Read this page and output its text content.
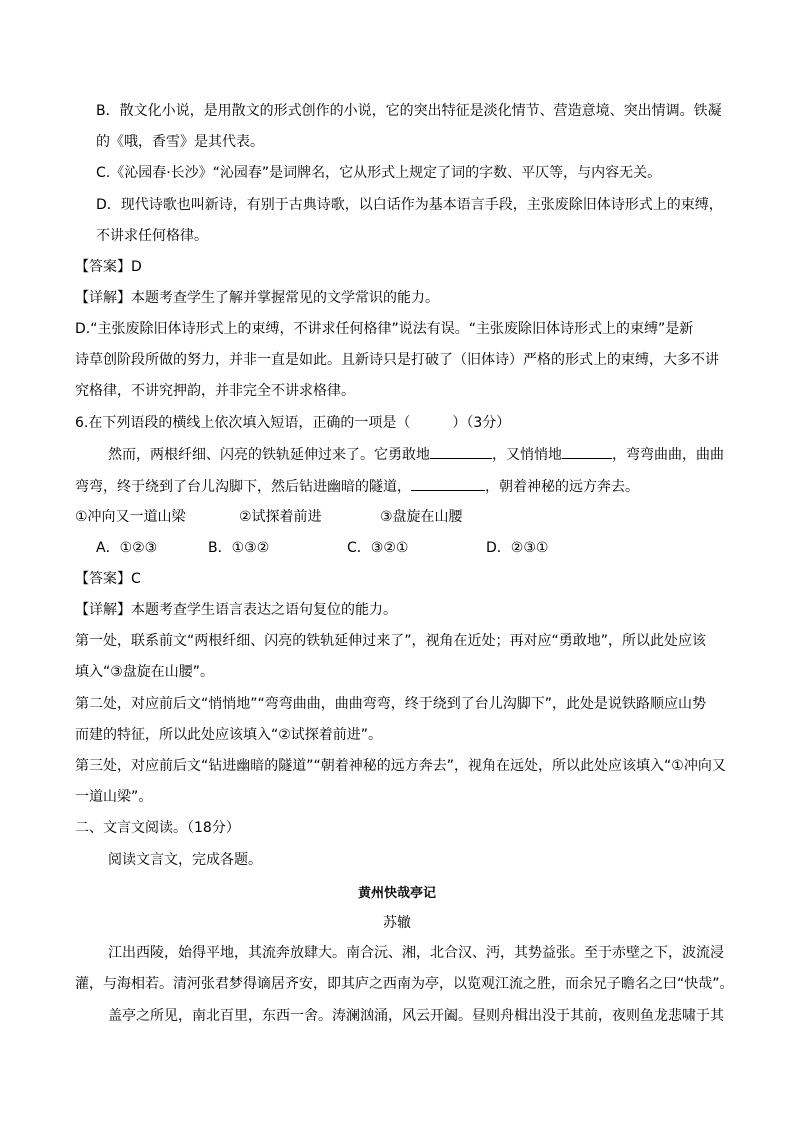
B．散文化小说，是用散文的形式创作的小说，它的突出特征是淡化情节、营造意境、突出情调。铁凝
的《哦，香雪》是其代表。
C.《沁园春·长沙》“沁园春”是词牌名，它从形式上规定了词的字数、平仄等，与内容无关。
D．现代诗歌也叫新诗，有别于古典诗歌，以白话作为基本语言手段，主张废除旧体诗形式上的束缚，
不讲求任何格律。
【答案】D
【详解】本题考查学生了解并掌握常见的文学常识的能力。
D.“主张废除旧体诗形式上的束缚，不讲求任何格律”说法有误。“主张废除旧体诗形式上的束缚”是新
诗草创阶段所做的努力，并非一直是如此。且新诗只是打破了（旧体诗）严格的形式上的束缚，大多不讲
究格律，不讲究押韵，并非完全不讲求格律。
6.在下列语段的横线上依次填入短语，正确的一项是（　　　）（3分）
然而，两根纤细、闪亮的铁轨延伸过来了。它勇敢地	，又悄悄地	，弯弯曲曲，曲曲
弯弯，终于绕到了台儿沟脚下，然后钻进幽暗的隧道，	，朝着神秘的远方奔去。
①冲向又一道山梁	②试探着前进	③盘旋在山腰
A．①②③	B．①③②	C．③②①	D．②③①
【答案】C
【详解】本题考查学生语言表达之语句复位的能力。
第一处，联系前文“两根纤细、闪亮的铁轨延伸过来了”，视角在近处；再对应“勇敢地”，所以此处应该
填入“③盘旋在山腰”。
第二处，对应前后文“悄悄地”“弯弯曲曲，曲曲弯弯，终于绕到了台儿沟脚下”，此处是说铁路顺应山势
而建的特征，所以此处应该填入“②试探着前进”。
第三处，对应前后文“钻进幽暗的隧道”“朝着神秘的远方奔去”，视角在远处，所以此处应该填入“①冲向又
一道山梁”。
二、文言文阅读。（18分）
阅读文言文，完成各题。
黄州快哉亭记
苏辙
江出西陵，始得平地，其流奔放肆大。南合沅、湘，北合汉、沔，其势益张。至于赤壁之下，波流浸
灌，与海相若。清河张君梦得谪居齐安，即其庐之西南为亭，以览观江流之胜，而余兄子瞻名之曰“快哉”。
盖亭之所见，南北百里，东西一舍。涛澜汹涌，风云开阖。昼则舟楫出没于其前，夜则鱼龙悲啸于其
